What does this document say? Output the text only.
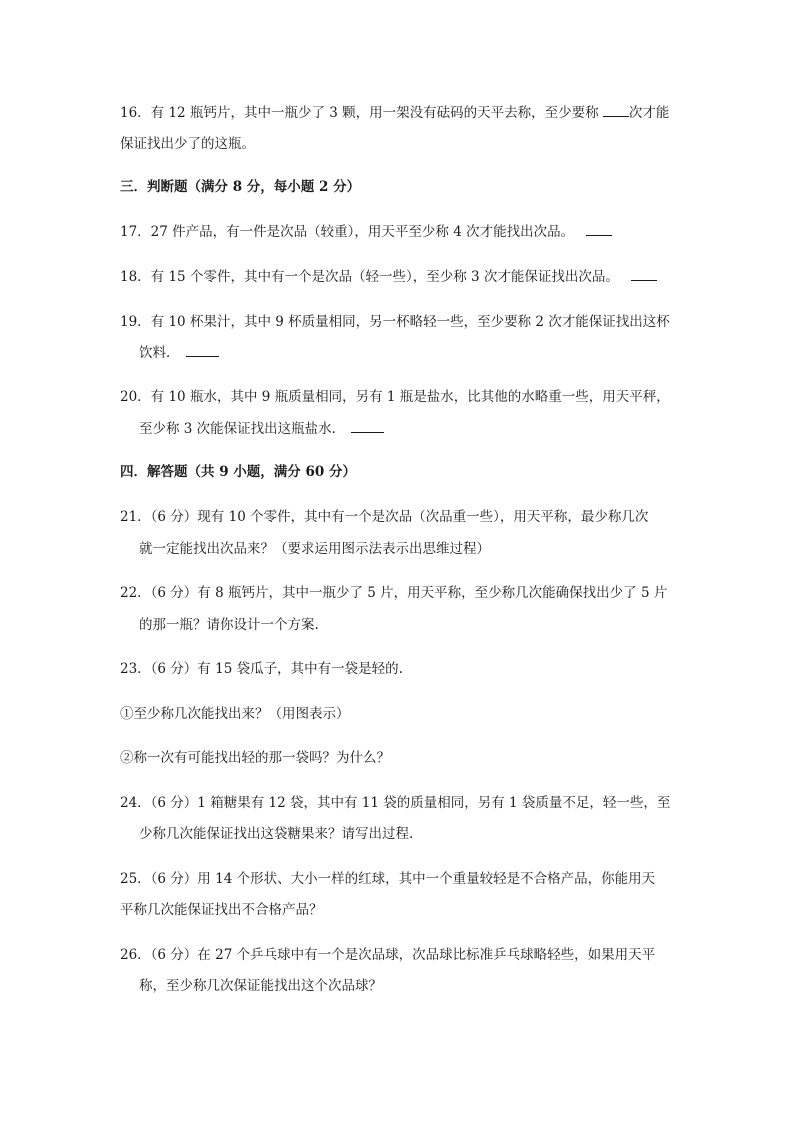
16．有 12 瓶钙片，其中一瓶少了 3 颗，用一架没有砝码的天平去称，至少要称 次才能
保证找出少了的这瓶。
三．判断题（满分 8 分，每小题 2 分）
17．27 件产品，有一件是次品（较重），用天平至少称 4 次才能找出次品。
18．有 15 个零件，其中有一个是次品（轻一些），至少称 3 次才能保证找出次品。
19．有 10 杯果汁，其中 9 杯质量相同，另一杯略轻一些，至少要称 2 次才能保证找出这杯
饮料．
20．有 10 瓶水，其中 9 瓶质量相同，另有 1 瓶是盐水，比其他的水略重一些，用天平秤，
至少称 3 次能保证找出这瓶盐水．
四．解答题（共 9 小题，满分 60 分）
21．（6 分）现有 10 个零件，其中有一个是次品（次品重一些），用天平称，最少称几次
就一定能找出次品来？（要求运用图示法表示出思维过程）
22．（6 分）有 8 瓶钙片，其中一瓶少了 5 片，用天平称，至少称几次能确保找出少了 5 片
的那一瓶？请你设计一个方案.
23．（6 分）有 15 袋瓜子，其中有一袋是轻的.
①至少称几次能找出来？（用图表示）
②称一次有可能找出轻的那一袋吗？为什么？
24．（6 分）1 箱糖果有 12 袋，其中有 11 袋的质量相同，另有 1 袋质量不足，轻一些，至
少称几次能保证找出这袋糖果来？请写出过程.
25．（6 分）用 14 个形状、大小一样的红球，其中一个重量较轻是不合格产品，你能用天
平称几次能保证找出不合格产品？
26．（6 分）在 27 个乒乓球中有一个是次品球，次品球比标准乒乓球略轻些，如果用天平
称，至少称几次保证能找出这个次品球？
